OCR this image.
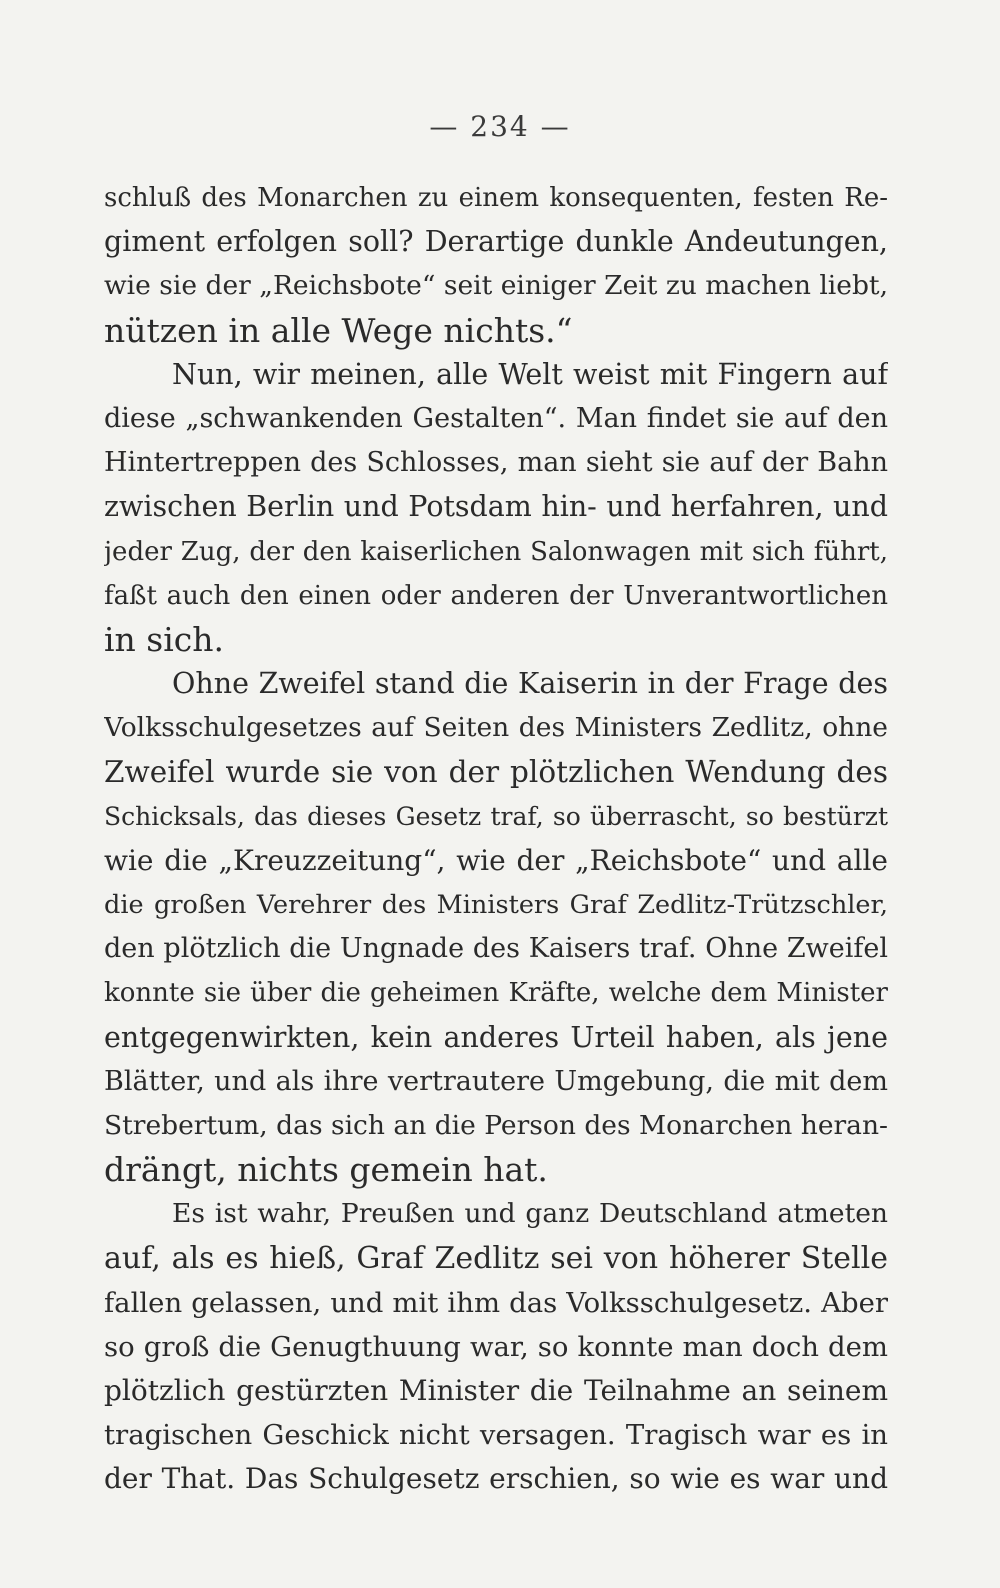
— 234 —
schluß des Monarchen zu einem konsequenten, festen Re-
giment erfolgen soll? Derartige dunkle Andeutungen,
wie sie der „Reichsbote“ seit einiger Zeit zu machen liebt,
nützen in alle Wege nichts.“
Nun, wir meinen, alle Welt weist mit Fingern auf
diese „schwankenden Gestalten“. Man findet sie auf den
Hintertreppen des Schlosses, man sieht sie auf der Bahn
zwischen Berlin und Potsdam hin- und herfahren, und
jeder Zug, der den kaiserlichen Salonwagen mit sich führt,
faßt auch den einen oder anderen der Unverantwortlichen
in sich.
Ohne Zweifel stand die Kaiserin in der Frage des
Volksschulgesetzes auf Seiten des Ministers Zedlitz, ohne
Zweifel wurde sie von der plötzlichen Wendung des
Schicksals, das dieses Gesetz traf, so überrascht, so bestürzt
wie die „Kreuzzeitung“, wie der „Reichsbote“ und alle
die großen Verehrer des Ministers Graf Zedlitz-Trützschler,
den plötzlich die Ungnade des Kaisers traf. Ohne Zweifel
konnte sie über die geheimen Kräfte, welche dem Minister
entgegenwirkten, kein anderes Urteil haben, als jene
Blätter, und als ihre vertrautere Umgebung, die mit dem
Strebertum, das sich an die Person des Monarchen heran-
drängt, nichts gemein hat.
Es ist wahr, Preußen und ganz Deutschland atmeten
auf, als es hieß, Graf Zedlitz sei von höherer Stelle
fallen gelassen, und mit ihm das Volksschulgesetz. Aber
so groß die Genugthuung war, so konnte man doch dem
plötzlich gestürzten Minister die Teilnahme an seinem
tragischen Geschick nicht versagen. Tragisch war es in
der That. Das Schulgesetz erschien, so wie es war und
